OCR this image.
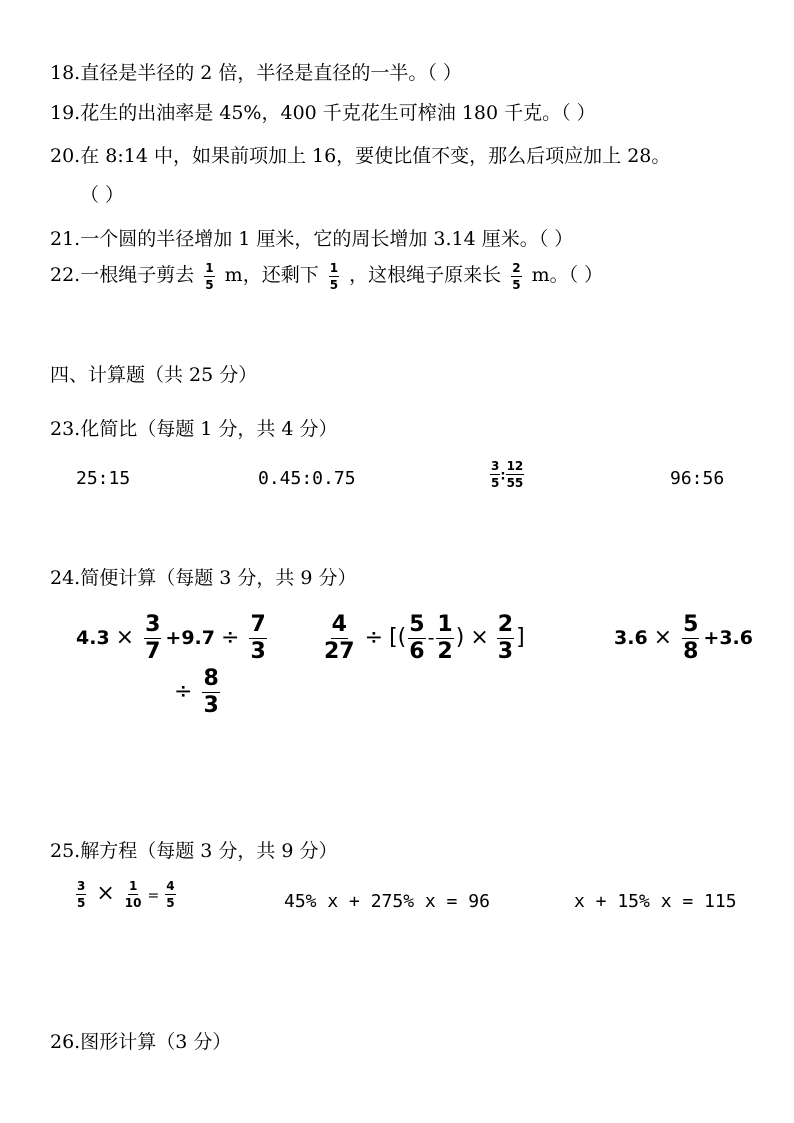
18.直径是半径的 2 倍，半径是直径的一半。（ ）
19.花生的出油率是 45%，400 千克花生可榨油 180 千克。（ ）
20.在 8:14 中，如果前项加上 16，要使比值不变，那么后项应加上 28。
（ ）
21.一个圆的半径增加 1 厘米，它的周长增加 3.14 厘米。（ ）
22.一根绳子剪去 $\frac{1}{5}$ m，还剩下 $\frac{1}{5}$ ，这根绳子原来长 $\frac{2}{5}$ m。（ ）
四、计算题（共 25 分）
23.化简比（每题 1 分，共 4 分）
25:15	0.45:0.75	$\frac{3}{5}$ : $\frac{12}{55}$	96:56
24.简便计算（每题 3 分，共 9 分）
$4.3 \times \frac{3}{7} +9.7 \div \frac{7}{3}$	$\frac{4}{27}$ ÷ [( $\frac{5}{6} - \frac{1}{2}$ ) × $\frac{2}{3}$ ]	$3.6 \times \frac{5}{8} +3.6$
÷ $\frac{8}{3}$
25.解方程（每题 3 分，共 9 分）
$\frac{3}{5} \times \frac{1}{10} = \frac{4}{5}$	45% x + 275% x = 96	x + 15% x = 115
26.图形计算（3 分）
